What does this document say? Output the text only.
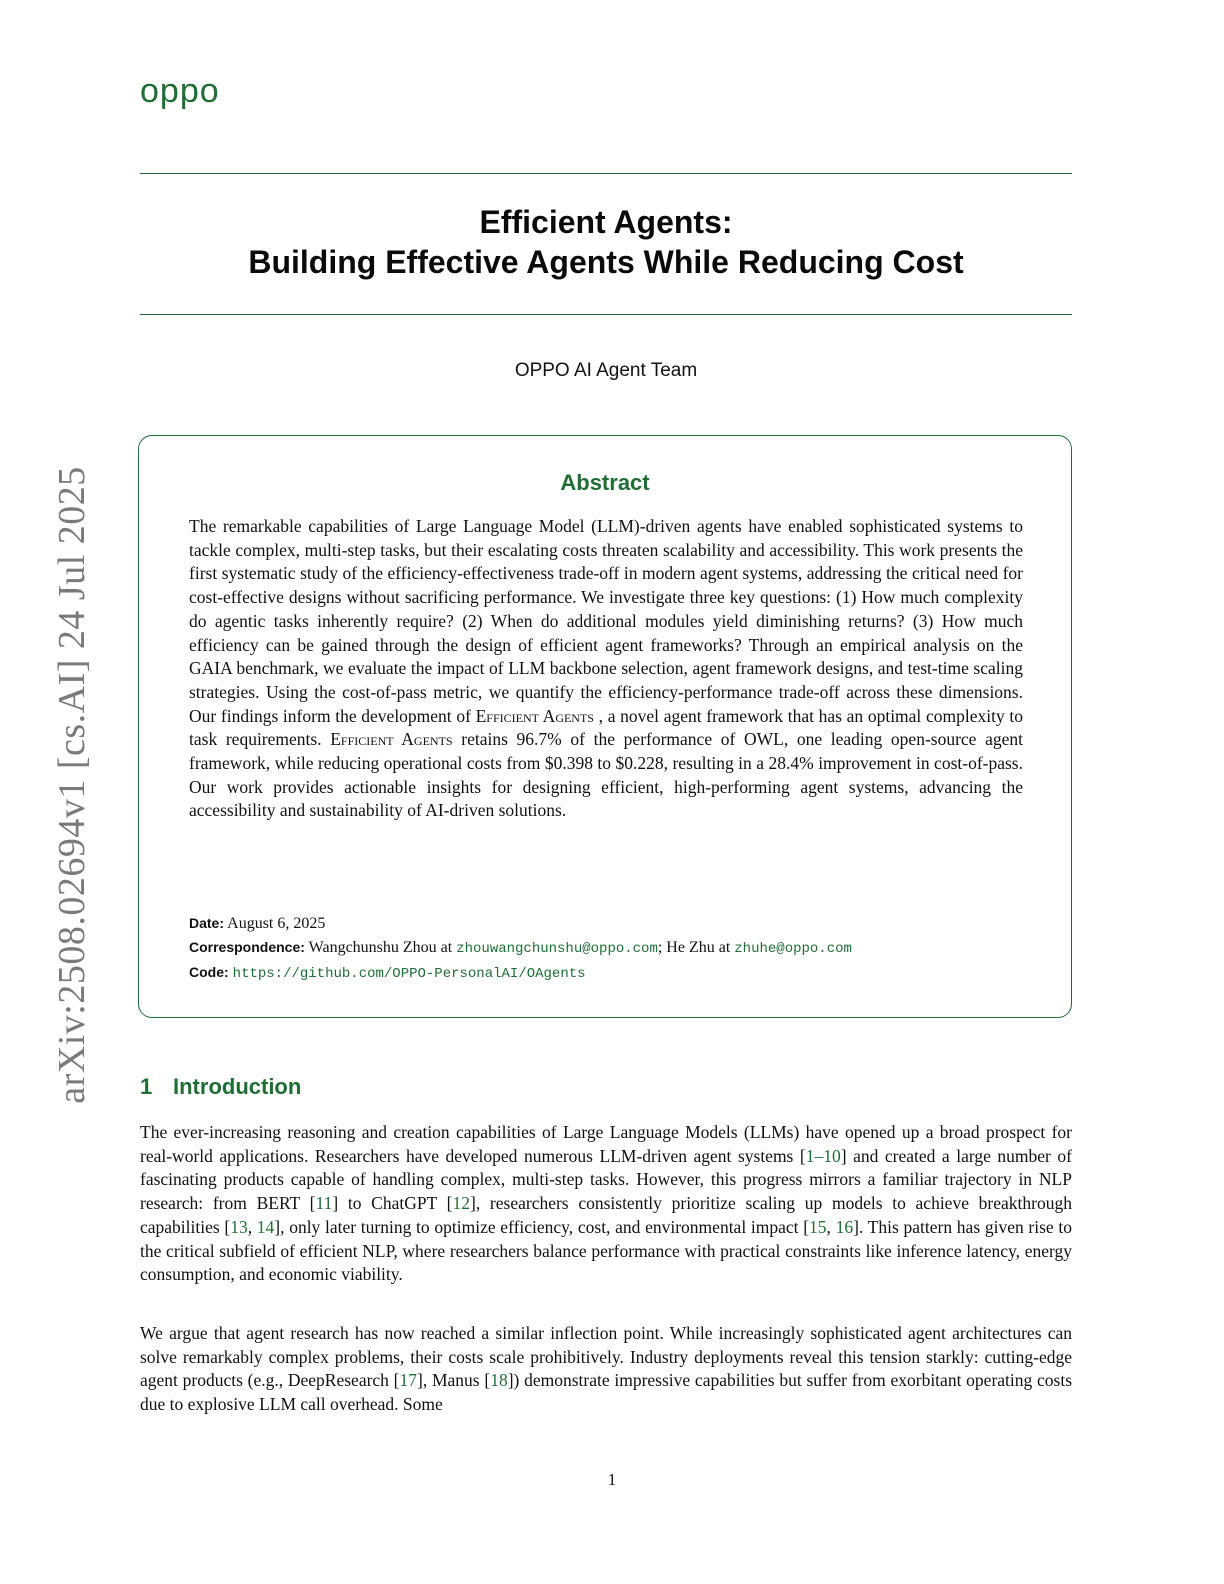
oppo
Efficient Agents:
Building Effective Agents While Reducing Cost
OPPO AI Agent Team
arXiv:2508.02694v1 [cs.AI] 24 Jul 2025	Abstract

The remarkable capabilities of Large Language Model (LLM)-driven agents have enabled sophisticated systems to tackle complex, multi-step tasks, but their escalating costs threaten scalability and accessibility. This work presents the first systematic study of the efficiency-effectiveness trade-off in modern agent systems, addressing the critical need for cost-effective designs without sacrificing performance. We investigate three key questions: (1) How much complexity do agentic tasks inherently require? (2) When do additional modules yield diminishing returns? (3) How much efficiency can be gained through the design of efficient agent frameworks? Through an empirical analysis on the GAIA benchmark, we evaluate the impact of LLM backbone selection, agent framework designs, and test-time scaling strategies. Using the cost-of-pass metric, we quantify the efficiency-performance trade-off across these dimensions. Our findings inform the development of Efficient Agents , a novel agent framework that has an optimal complexity to task requirements. Efficient Agents retains 96.7% of the performance of OWL, one leading open-source agent framework, while reducing operational costs from $0.398 to $0.228, resulting in a 28.4% improvement in cost-of-pass. Our work provides actionable insights for designing efficient, high-performing agent systems, advancing the accessibility and sustainability of AI-driven solutions.

Date: August 6, 2025
Correspondence: Wangchunshu Zhou at zhouwangchunshu@oppo.com; He Zhu at zhuhe@oppo.com
Code: https://github.com/OPPO-PersonalAI/OAgents
1 Introduction

The ever-increasing reasoning and creation capabilities of Large Language Models (LLMs) have opened up a broad prospect for real-world applications. Researchers have developed numerous LLM-driven agent systems [1–10] and created a large number of fascinating products capable of handling complex, multi-step tasks. However, this progress mirrors a familiar trajectory in NLP research: from BERT [11] to ChatGPT [12], researchers consistently prioritize scaling up models to achieve breakthrough capabilities [13, 14], only later turning to optimize efficiency, cost, and environmental impact [15, 16]. This pattern has given rise to the critical subfield of efficient NLP, where researchers balance performance with practical constraints like inference latency, energy consumption, and economic viability.

We argue that agent research has now reached a similar inflection point. While increasingly sophisticated agent architectures can solve remarkably complex problems, their costs scale prohibitively. Industry deployments reveal this tension starkly: cutting-edge agent products (e.g., DeepResearch [17], Manus [18]) demonstrate impressive capabilities but suffer from exorbitant operating costs due to explosive LLM call overhead. Some

1
